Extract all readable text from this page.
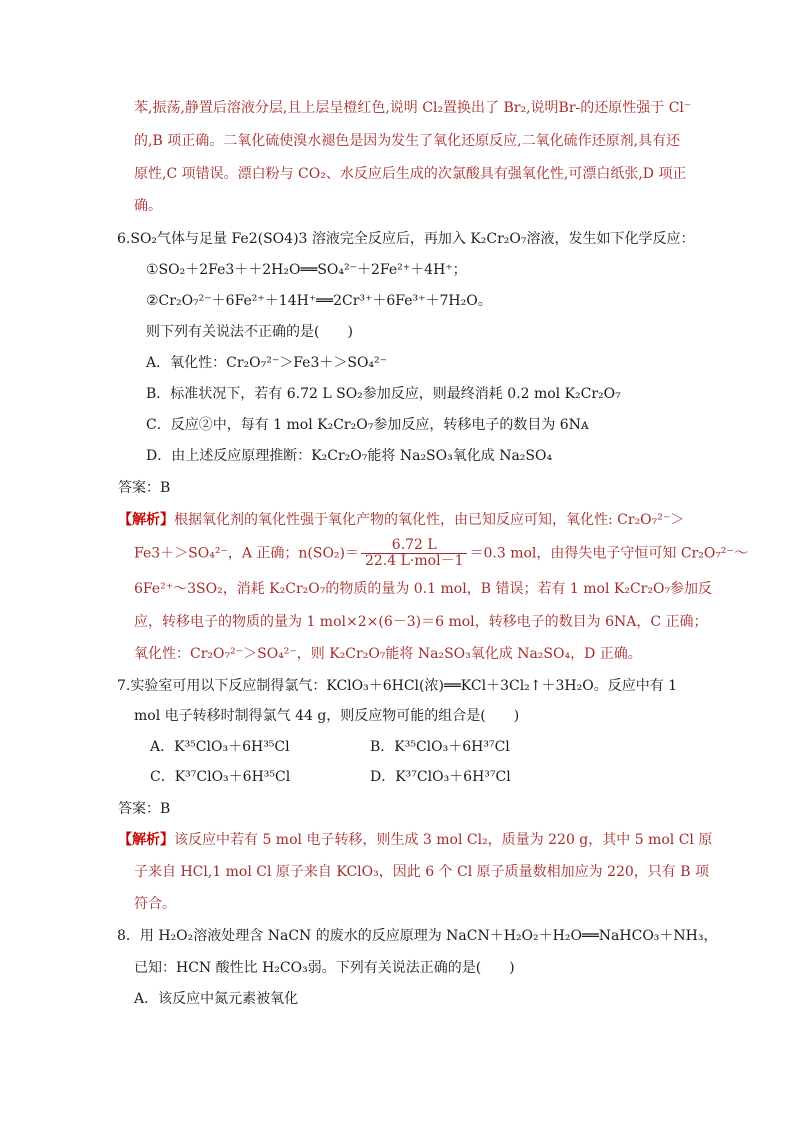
苯,振荡,静置后溶液分层,且上层呈橙红色,说明 Cl₂置换出了 Br₂,说明Br-的还原性强于 Cl⁻
的,B 项正确。二氧化硫使溴水褪色是因为发生了氧化还原反应,二氧化硫作还原剂,具有还
原性,C 项错误。漂白粉与 CO₂、水反应后生成的次氯酸具有强氧化性,可漂白纸张,D 项正
确。
6.SO₂气体与足量 Fe2(SO4)3 溶液完全反应后，再加入 K₂Cr₂O₇溶液，发生如下化学反应：
①SO₂＋2Fe3＋＋2H₂O══SO₄²⁻＋2Fe²⁺＋4H⁺；
②Cr₂O₇²⁻＋6Fe²⁺＋14H⁺══2Cr³⁺＋6Fe³⁺＋7H₂O。
则下列有关说法不正确的是(　　)
A．氧化性：Cr₂O₇²⁻＞Fe3＋＞SO₄²⁻
B．标准状况下，若有 6.72 L SO₂参加反应，则最终消耗 0.2 mol K₂Cr₂O₇
C．反应②中，每有 1 mol K₂Cr₂O₇参加反应，转移电子的数目为 6Nᴀ
D．由上述反应原理推断：K₂Cr₂O₇能将 Na₂SO₃氧化成 Na₂SO₄
答案：B
【解析】根据氧化剂的氧化性强于氧化产物的氧化性，由已知反应可知，氧化性: Cr₂O₇²⁻＞
Fe3＋＞SO₄²⁻，A 正确；$n(SO_2)= \frac{6.72 L}{\text{22.4 L·mol－1}} =0.3$ mol，由得失电子守恒可知 Cr₂O₇²⁻～
6Fe²⁺～3SO₂，消耗 K₂Cr₂O₇的物质的量为 0.1 mol，B 错误；若有 1 mol K₂Cr₂O₇参加反
应，转移电子的物质的量为 1 mol×2×(6－3)＝6 mol，转移电子的数目为 6NA，C 正确；
氧化性：Cr₂O₇²⁻＞SO₄²⁻，则 K₂Cr₂O₇能将 Na₂SO₃氧化成 Na₂SO₄，D 正确。
7.实验室可用以下反应制得氯气：KClO₃＋6HCl(浓)══KCl＋3Cl₂↑＋3H₂O。反应中有 1
mol 电子转移时制得氯气 44 g，则反应物可能的组合是(　　)
A．K³⁵ClO₃＋6H³⁵Cl	B．K³⁵ClO₃＋6H³⁷Cl
C．K³⁷ClO₃＋6H³⁵Cl	D．K³⁷ClO₃＋6H³⁷Cl
答案：B
【解析】该反应中若有 5 mol 电子转移，则生成 3 mol Cl₂，质量为 220 g，其中 5 mol Cl 原
子来自 HCl,1 mol Cl 原子来自 KClO₃，因此 6 个 Cl 原子质量数相加应为 220，只有 B 项
符合。
8．用 H₂O₂溶液处理含 NaCN 的废水的反应原理为 NaCN＋H₂O₂＋H₂O══NaHCO₃＋NH₃，
已知：HCN 酸性比 H₂CO₃弱。下列有关说法正确的是(　　)
A．该反应中氮元素被氧化
